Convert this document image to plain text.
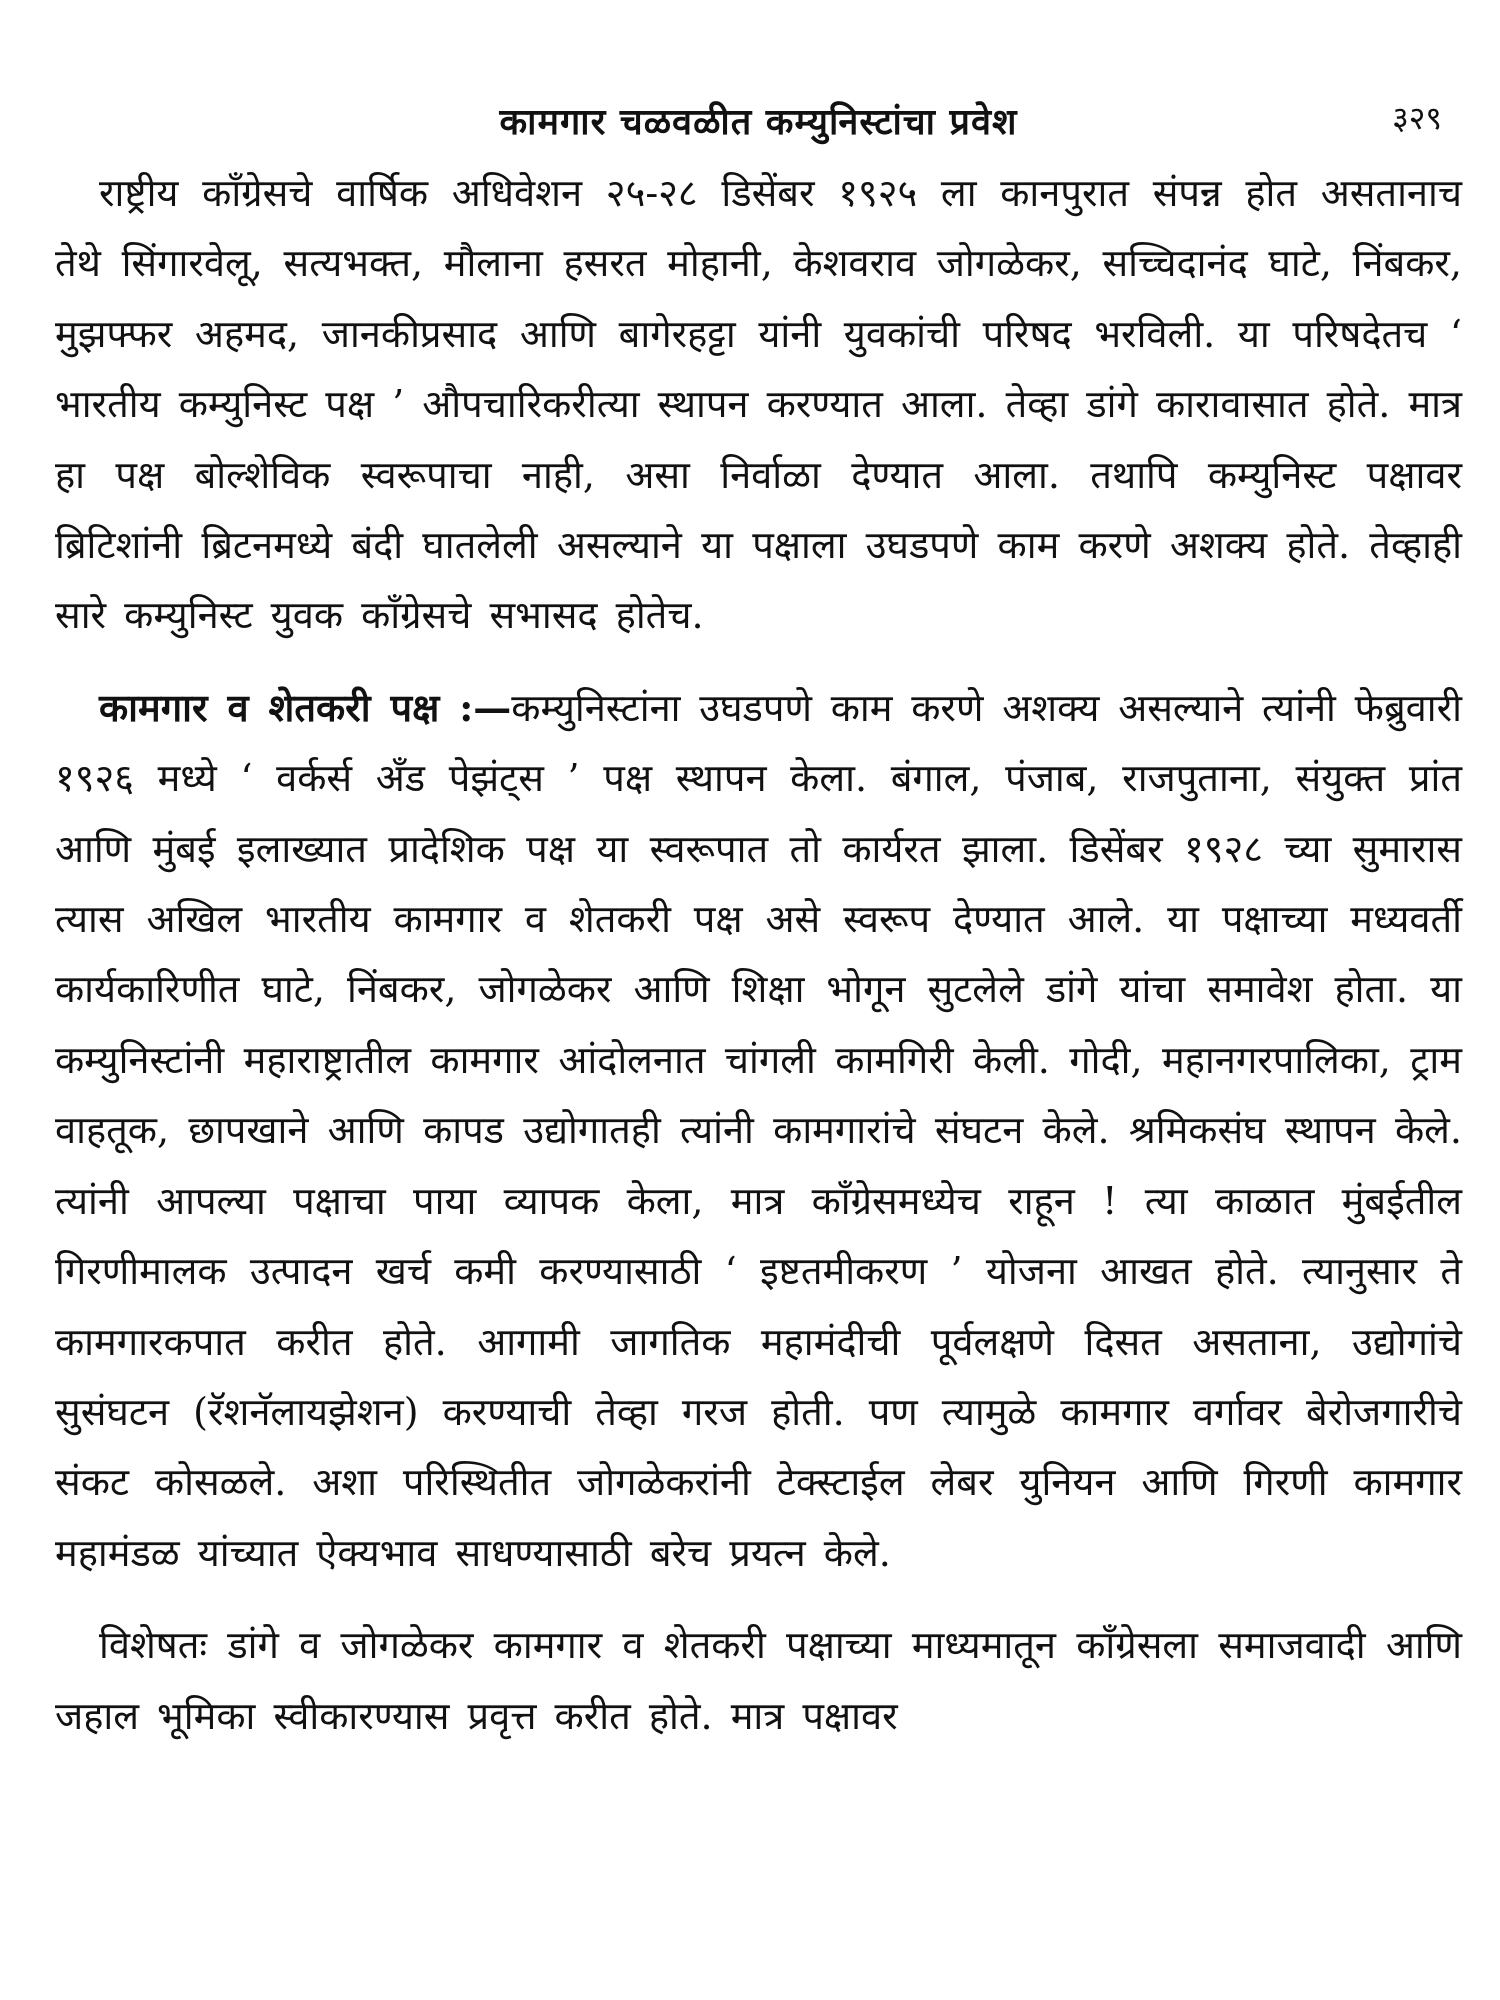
कामगार चळवळीत कम्युनिस्टांचा प्रवेश	३२९

राष्ट्रीय काँग्रेसचे वार्षिक अधिवेशन २५-२८ डिसेंबर १९२५ ला कानपुरात संपन्न होत असतानाच तेथे सिंगारवेलू, सत्यभक्त, मौलाना हसरत मोहानी, केशवराव जोगळेकर, सच्चिदानंद घाटे, निंबकर, मुझफ्फर अहमद, जानकीप्रसाद आणि बागेरहट्टा यांनी युवकांची परिषद भरविली. या परिषदेतच ‘ भारतीय कम्युनिस्ट पक्ष ’ औपचारिकरीत्या स्थापन करण्यात आला. तेव्हा डांगे कारावासात होते. मात्र हा पक्ष बोल्शेविक स्वरूपाचा नाही, असा निर्वाळा देण्यात आला. तथापि कम्युनिस्ट पक्षावर ब्रिटिशांनी ब्रिटनमध्ये बंदी घातलेली असल्याने या पक्षाला उघडपणे काम करणे अशक्य होते. तेव्हाही सारे कम्युनिस्ट युवक काँग्रेसचे सभासद होतेच.

कामगार व शेतकरी पक्ष :—कम्युनिस्टांना उघडपणे काम करणे अशक्य असल्याने त्यांनी फेब्रुवारी १९२६ मध्ये ‘ वर्कर्स अँड पेझंट्स ’ पक्ष स्थापन केला. बंगाल, पंजाब, राजपुताना, संयुक्त प्रांत आणि मुंबई इलाख्यात प्रादेशिक पक्ष या स्वरूपात तो कार्यरत झाला. डिसेंबर १९२८ च्या सुमारास त्यास अखिल भारतीय कामगार व शेतकरी पक्ष असे स्वरूप देण्यात आले. या पक्षाच्या मध्यवर्ती कार्यकारिणीत घाटे, निंबकर, जोगळेकर आणि शिक्षा भोगून सुटलेले डांगे यांचा समावेश होता. या कम्युनिस्टांनी महाराष्ट्रातील कामगार आंदोलनात चांगली कामगिरी केली. गोदी, महानगरपालिका, ट्राम वाहतूक, छापखाने आणि कापड उद्योगातही त्यांनी कामगारांचे संघटन केले. श्रमिकसंघ स्थापन केले. त्यांनी आपल्या पक्षाचा पाया व्यापक केला, मात्र काँग्रेसमध्येच राहून ! त्या काळात मुंबईतील गिरणीमालक उत्पादन खर्च कमी करण्यासाठी ‘ इष्टतमीकरण ’ योजना आखत होते. त्यानुसार ते कामगारकपात करीत होते. आगामी जागतिक महामंदीची पूर्वलक्षणे दिसत असताना, उद्योगांचे सुसंघटन (रॅशनॅलायझेशन) करण्याची तेव्हा गरज होती. पण त्यामुळे कामगार वर्गावर बेरोजगारीचे संकट कोसळले. अशा परिस्थितीत जोगळेकरांनी टेक्स्टाईल लेबर युनियन आणि गिरणी कामगार महामंडळ यांच्यात ऐक्यभाव साधण्यासाठी बरेच प्रयत्न केले.

विशेषतः डांगे व जोगळेकर कामगार व शेतकरी पक्षाच्या माध्यमातून काँग्रेसला समाजवादी आणि जहाल भूमिका स्वीकारण्यास प्रवृत्त करीत होते. मात्र पक्षावर
